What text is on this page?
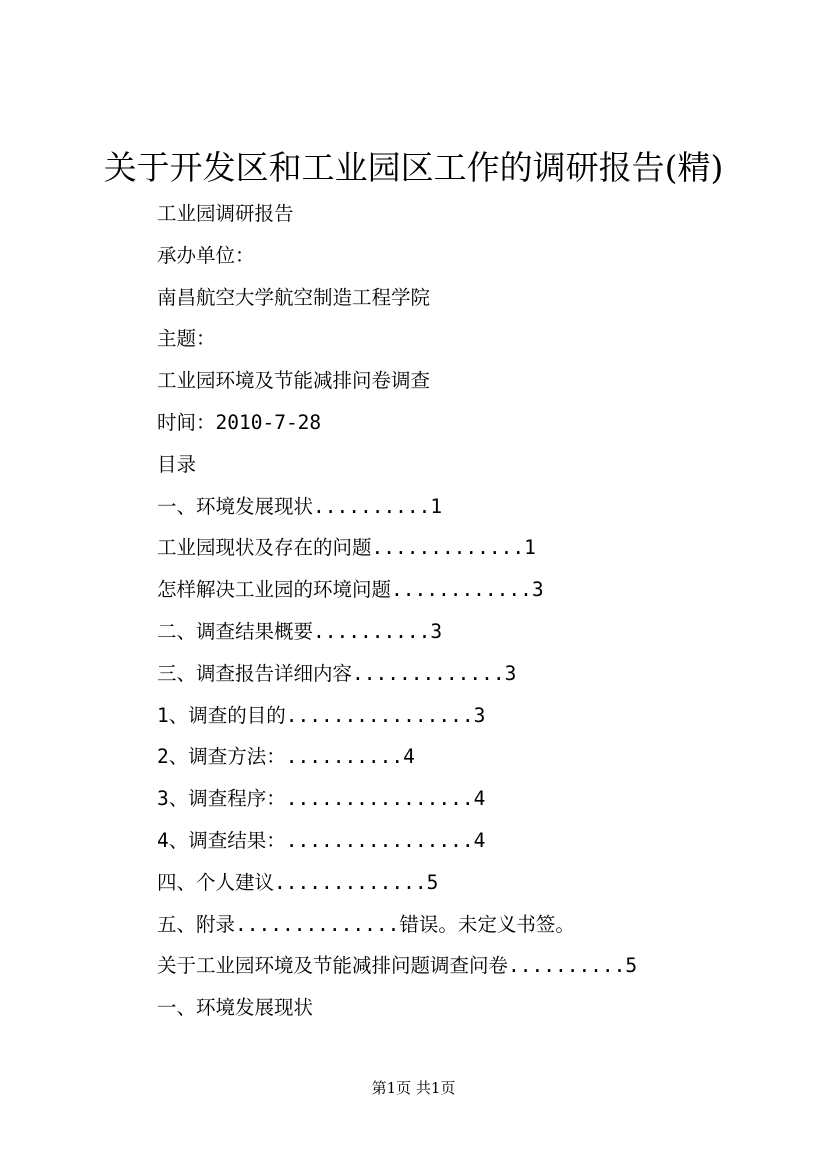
关于开发区和工业园区工作的调研报告(精)
工业园调研报告
承办单位：
南昌航空大学航空制造工程学院
主题：
工业园环境及节能减排问卷调查
时间：2010-7-28
目录
一、环境发展现状..........1
工业园现状及存在的问题.............1
怎样解决工业园的环境问题............3
二、调查结果概要..........3
三、调查报告详细内容.............3
1、调查的目的................3
2、调查方法：..........4
3、调查程序：................4
4、调查结果：................4
四、个人建议.............5
五、附录..............错误。未定义书签。
关于工业园环境及节能减排问题调查问卷..........5
一、环境发展现状
第1页 共1页
